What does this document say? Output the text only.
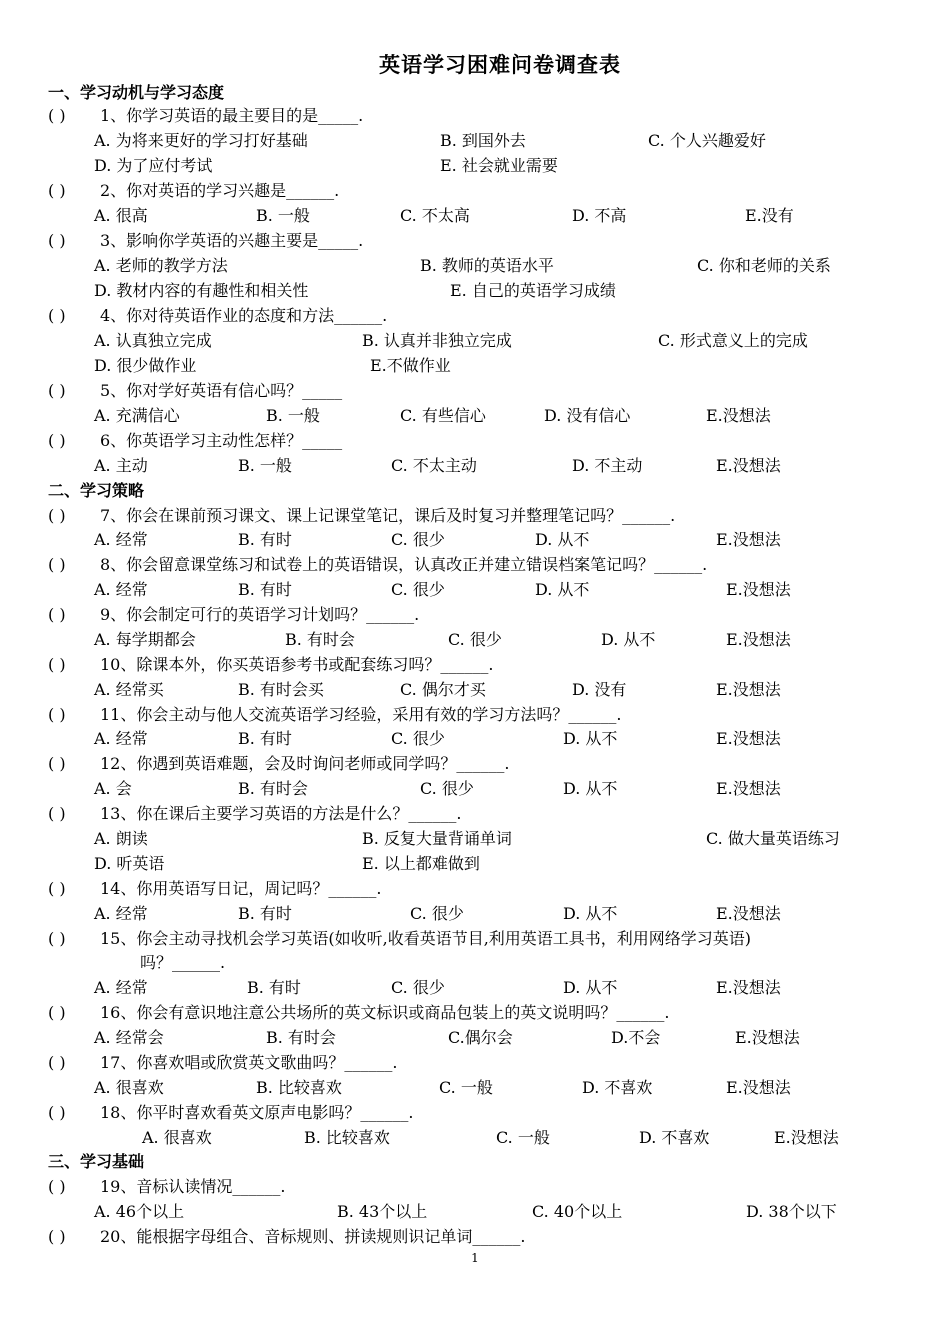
英语学习困难问卷调查表
一、学习动机与学习态度
( ) 1、你学习英语的最主要目的是_____.
A. 为将来更好的学习打好基础	B. 到国外去	C. 个人兴趣爱好
D. 为了应付考试	E. 社会就业需要
( ) 2、你对英语的学习兴趣是______.
A. 很高	B. 一般	C. 不太高	D. 不高	E.没有
( ) 3、影响你学英语的兴趣主要是_____.
A. 老师的教学方法	B. 教师的英语水平	C. 你和老师的关系
D. 教材内容的有趣性和相关性	E. 自己的英语学习成绩
( ) 4、你对待英语作业的态度和方法______.
A. 认真独立完成	B. 认真并非独立完成	C. 形式意义上的完成
D. 很少做作业	E.不做作业
( ) 5、你对学好英语有信心吗？_____
A. 充满信心	B. 一般	C. 有些信心	D. 没有信心	E.没想法
( ) 6、你英语学习主动性怎样？_____
A. 主动	B. 一般	C. 不太主动	D. 不主动	E.没想法
二、学习策略
( ) 7、你会在课前预习课文、课上记课堂笔记，课后及时复习并整理笔记吗？______.
A. 经常	B. 有时	C. 很少	D. 从不	E.没想法
( ) 8、你会留意课堂练习和试卷上的英语错误，认真改正并建立错误档案笔记吗？______.
A. 经常	B. 有时	C. 很少	D. 从不	E.没想法
( ) 9、你会制定可行的英语学习计划吗？______.
A. 每学期都会	B. 有时会	C. 很少	D. 从不	E.没想法
( ) 10、除课本外，你买英语参考书或配套练习吗？______.
A. 经常买	B. 有时会买	C. 偶尔才买	D. 没有	E.没想法
( ) 11、你会主动与他人交流英语学习经验，采用有效的学习方法吗？______.
A. 经常	B. 有时	C. 很少	D. 从不	E.没想法
( ) 12、你遇到英语难题，会及时询问老师或同学吗？______.
A. 会	B. 有时会	C. 很少	D. 从不	E.没想法
( ) 13、你在课后主要学习英语的方法是什么？______.
A. 朗读	B. 反复大量背诵单词	C. 做大量英语练习
D. 听英语	E. 以上都难做到
( ) 14、你用英语写日记，周记吗？______.
A. 经常	B. 有时	C. 很少	D. 从不	E.没想法
( ) 15、你会主动寻找机会学习英语(如收听,收看英语节目,利用英语工具书，利用网络学习英语)
吗？______.
A. 经常	B. 有时	C. 很少	D. 从不	E.没想法
( ) 16、你会有意识地注意公共场所的英文标识或商品包装上的英文说明吗？______.
A. 经常会	B. 有时会	C.偶尔会	D.不会	E.没想法
( ) 17、你喜欢唱或欣赏英文歌曲吗？______.
A. 很喜欢	B. 比较喜欢	C. 一般	D. 不喜欢	E.没想法
( ) 18、你平时喜欢看英文原声电影吗？______.
A. 很喜欢	B. 比较喜欢	C. 一般	D. 不喜欢	E.没想法
三、学习基础
( ) 19、音标认读情况______.
A. 46个以上	B. 43个以上	C. 40个以上	D. 38个以下
( ) 20、能根据字母组合、音标规则、拼读规则识记单词______.
1
